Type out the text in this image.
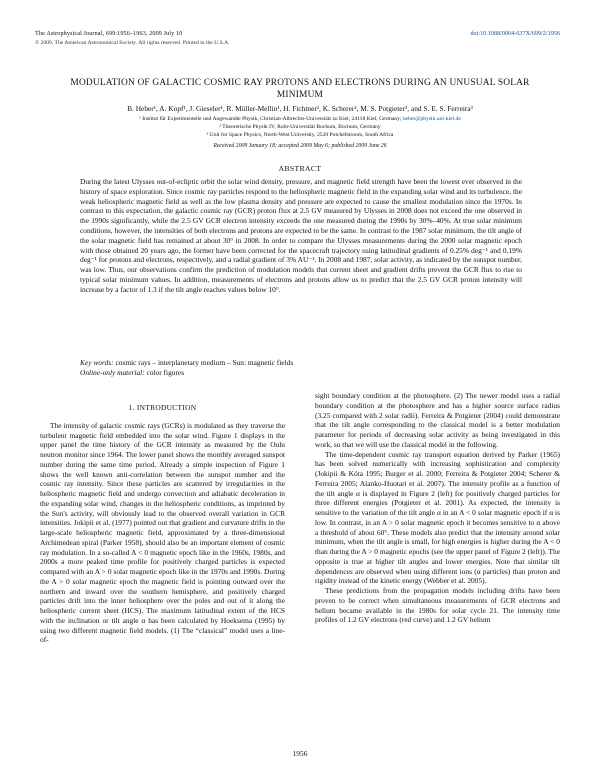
The Astrophysical Journal, 699:1956–1963, 2009 July 10
© 2009. The American Astronomical Society. All rights reserved. Printed in the U.S.A.
doi:10.1088/0004-637X/699/2/1956
MODULATION OF GALACTIC COSMIC RAY PROTONS AND ELECTRONS DURING AN UNUSUAL SOLAR MINIMUM
B. Heber¹, A. Kopf¹, J. Gieseler¹, R. Müller-Mellin¹, H. Fichtner², K. Scherer², M. S. Potgieter³, and S. E. S. Ferreira³
¹ Institut für Experimentelle und Angewandte Physik, Christian-Albrechts-Universität zu Kiel, 24118 Kiel, Germany; heber@physik.uni-kiel.de
² Theoretische Physik IV, Ruhr-Universität Bochum, Bochum, Germany
³ Unit for Space Physics, North-West University, 2520 Potchefstroom, South Africa
Received 2009 January 18; accepted 2009 May 6; published 2009 June 26
ABSTRACT

During the latest Ulysses out-of-ecliptic orbit the solar wind density, pressure, and magnetic field strength have been the lowest ever observed in the history of space exploration. Since cosmic ray particles respond to the heliospheric magnetic field in the expanding solar wind and its turbulence, the weak heliospheric magnetic field as well as the low plasma density and pressure are expected to cause the smallest modulation since the 1970s. In contrast to this expectation, the galactic cosmic ray (GCR) proton flux at 2.5 GV measured by Ulysses in 2008 does not exceed the one observed in the 1990s significantly, while the 2.5 GV GCR electron intensity exceeds the one measured during the 1990s by 30%–40%. At true solar minimum conditions, however, the intensities of both electrons and protons are expected to be the same. In contrast to the 1987 solar minimum, the tilt angle of the solar magnetic field has remained at about 30° in 2008. In order to compare the Ulysses measurements during the 2000 solar magnetic epoch with those obtained 20 years ago, the former have been corrected for the spacecraft trajectory using latitudinal gradients of 0.25% deg⁻¹ and 0.19% deg⁻¹ for protons and electrons, respectively, and a radial gradient of 3% AU⁻¹. In 2008 and 1987, solar activity, as indicated by the sunspot number, was low. Thus, our observations confirm the prediction of modulation models that current sheet and gradient drifts prevent the GCR flux to rise to typical solar minimum values. In addition, measurements of electrons and protons allow us to predict that the 2.5 GV GCR proton intensity will increase by a factor of 1.3 if the tilt angle reaches values below 10°.

Key words: cosmic rays – interplanetary medium – Sun: magnetic fields
Online-only material: color figures

1. INTRODUCTION

The intensity of galactic cosmic rays (GCRs) is modulated as they traverse the turbulent magnetic field embedded into the solar wind. Figure 1 displays in the upper panel the time history of the GCR intensity as measured by the Oulu neutron monitor since 1964. The lower panel shows the monthly averaged sunspot number during the same time period. Already a simple inspection of Figure 1 shows the well known anti-correlation between the sunspot number and the cosmic ray intensity. Since these particles are scattered by irregularities in the heliospheric magnetic field and undergo convection and adiabatic deceleration in the expanding solar wind, changes in the heliospheric conditions, as imprinted by the Sun's activity, will obviously lead to the observed overall variation in GCR intensities. Jokipii et al. (1977) pointed out that gradient and curvature drifts in the large-scale heliospheric magnetic field, approximated by a three-dimensional Archimedean spiral (Parker 1958), should also be an important element of cosmic ray modulation. In a so-called A < 0 magnetic epoch like in the 1960s, 1980s, and 2000s a more peaked time profile for positively charged particles is expected compared with an A > 0 solar magnetic epoch like in the 1970s and 1990s. During the A > 0 solar magnetic epoch the magnetic field is pointing outward over the northern and inward over the southern hemisphere, and positively charged particles drift into the inner heliosphere over the poles and out of it along the heliospheric current sheet (HCS). The maximum latitudinal extent of the HCS with the inclination or tilt angle α has been calculated by Hoeksema (1995) by using two different magnetic field models. (1) The “classical” model uses a line-of-

sight boundary condition at the photosphere. (2) The newer model uses a radial boundary condition at the photosphere and has a higher source surface radius (3.25 compared with 2 solar radii). Ferreira & Potgieter (2004) could demonstrate that the tilt angle corresponding to the classical model is a better modulation parameter for periods of decreasing solar activity as being investigated in this work, so that we will use the classical model in the following.

The time-dependent cosmic ray transport equation derived by Parker (1965) has been solved numerically with increasing sophistication and complexity (Jokipii & Kóta 1995; Burger et al. 2000; Ferreira & Potgieter 2004; Scherer & Ferreira 2005; Alanko-Huotari et al. 2007). The intensity profile as a function of the tilt angle α is displayed in Figure 2 (left) for positively charged particles for three different energies (Potgieter et al. 2001). As expected, the intensity is sensitive to the variation of the tilt angle α in an A < 0 solar magnetic epoch if α is low. In contrast, in an A > 0 solar magnetic epoch it becomes sensitive to α above a threshold of about 60°. These models also predict that the intensity around solar minimum, when the tilt angle is small, for high energies is higher during the A < 0 than during the A > 0 magnetic epochs (see the upper panel of Figure 2 (left)). The opposite is true at higher tilt angles and lower energies. Note that similar tilt dependences are observed when using different ions (α particles) than proton and rigidity instead of the kinetic energy (Webber et al. 2005).

These predictions from the propagation models including drifts have been proven to be correct when simultaneous measurements of GCR electrons and helium became available in the 1980s for solar cycle 21. The intensity time profiles of 1.2 GV electrons (red curve) and 1.2 GV helium

1956
